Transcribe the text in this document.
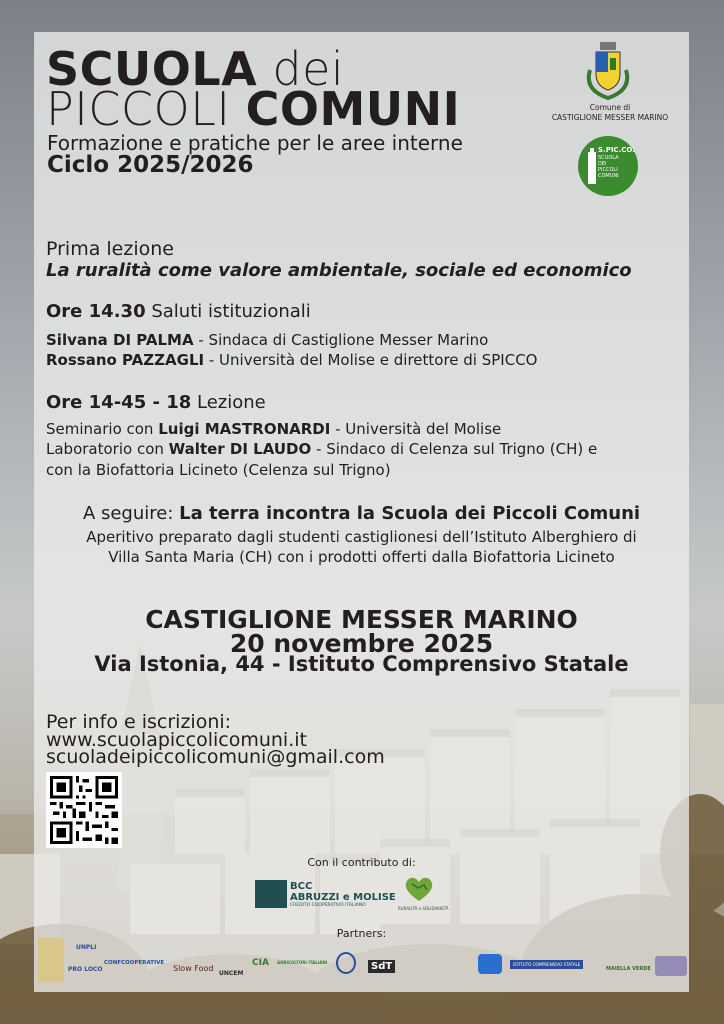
SCUOLA dei
PICCOLI COMUNI
Formazione e pratiche per le aree interne
Ciclo 2025/2026
Comune di
CASTIGLIONE MESSER MARINO
S.PIC.CO.
SCUOLA
DEI
PICCOLI
COMUNI
Prima lezione
La ruralità come valore ambientale, sociale ed economico
Ore 14.30 Saluti istituzionali
Silvana DI PALMA - Sindaca di Castiglione Messer Marino
Rossano PAZZAGLI - Università del Molise e direttore di SPICCO
Ore 14-45 - 18 Lezione
Seminario con Luigi MASTRONARDI - Università del Molise
Laboratorio con Walter DI LAUDO - Sindaco di Celenza sul Trigno (CH) e
con la Biofattoria Licineto (Celenza sul Trigno)
A seguire: La terra incontra la Scuola dei Piccoli Comuni
Aperitivo preparato dagli studenti castiglionesi dell’Istituto Alberghiero di
Villa Santa Maria (CH) con i prodotti offerti dalla Biofattoria Licineto
CASTIGLIONE MESSER MARINO
20 novembre 2025
Via Istonia, 44 - Istituto Comprensivo Statale
Per info e iscrizioni:
www.scuolapiccolicomuni.it
scuoladeipiccolicomuni@gmail.com
Con il contributo di:
BCC
ABRUZZI e MOLISE
CREDITO COOPERATIVO ITALIANO
RURALITÀ e SOLIDARIETÀ
Partners:
UNPLI
PRO LOCO
CONFCOOPERATIVE
Slow Food
UNCEM
CIA AGRICOLTORI ITALIANI	SdT	ISTITUTO COMPRENSIVO STATALE
MAIELLA VERDE
